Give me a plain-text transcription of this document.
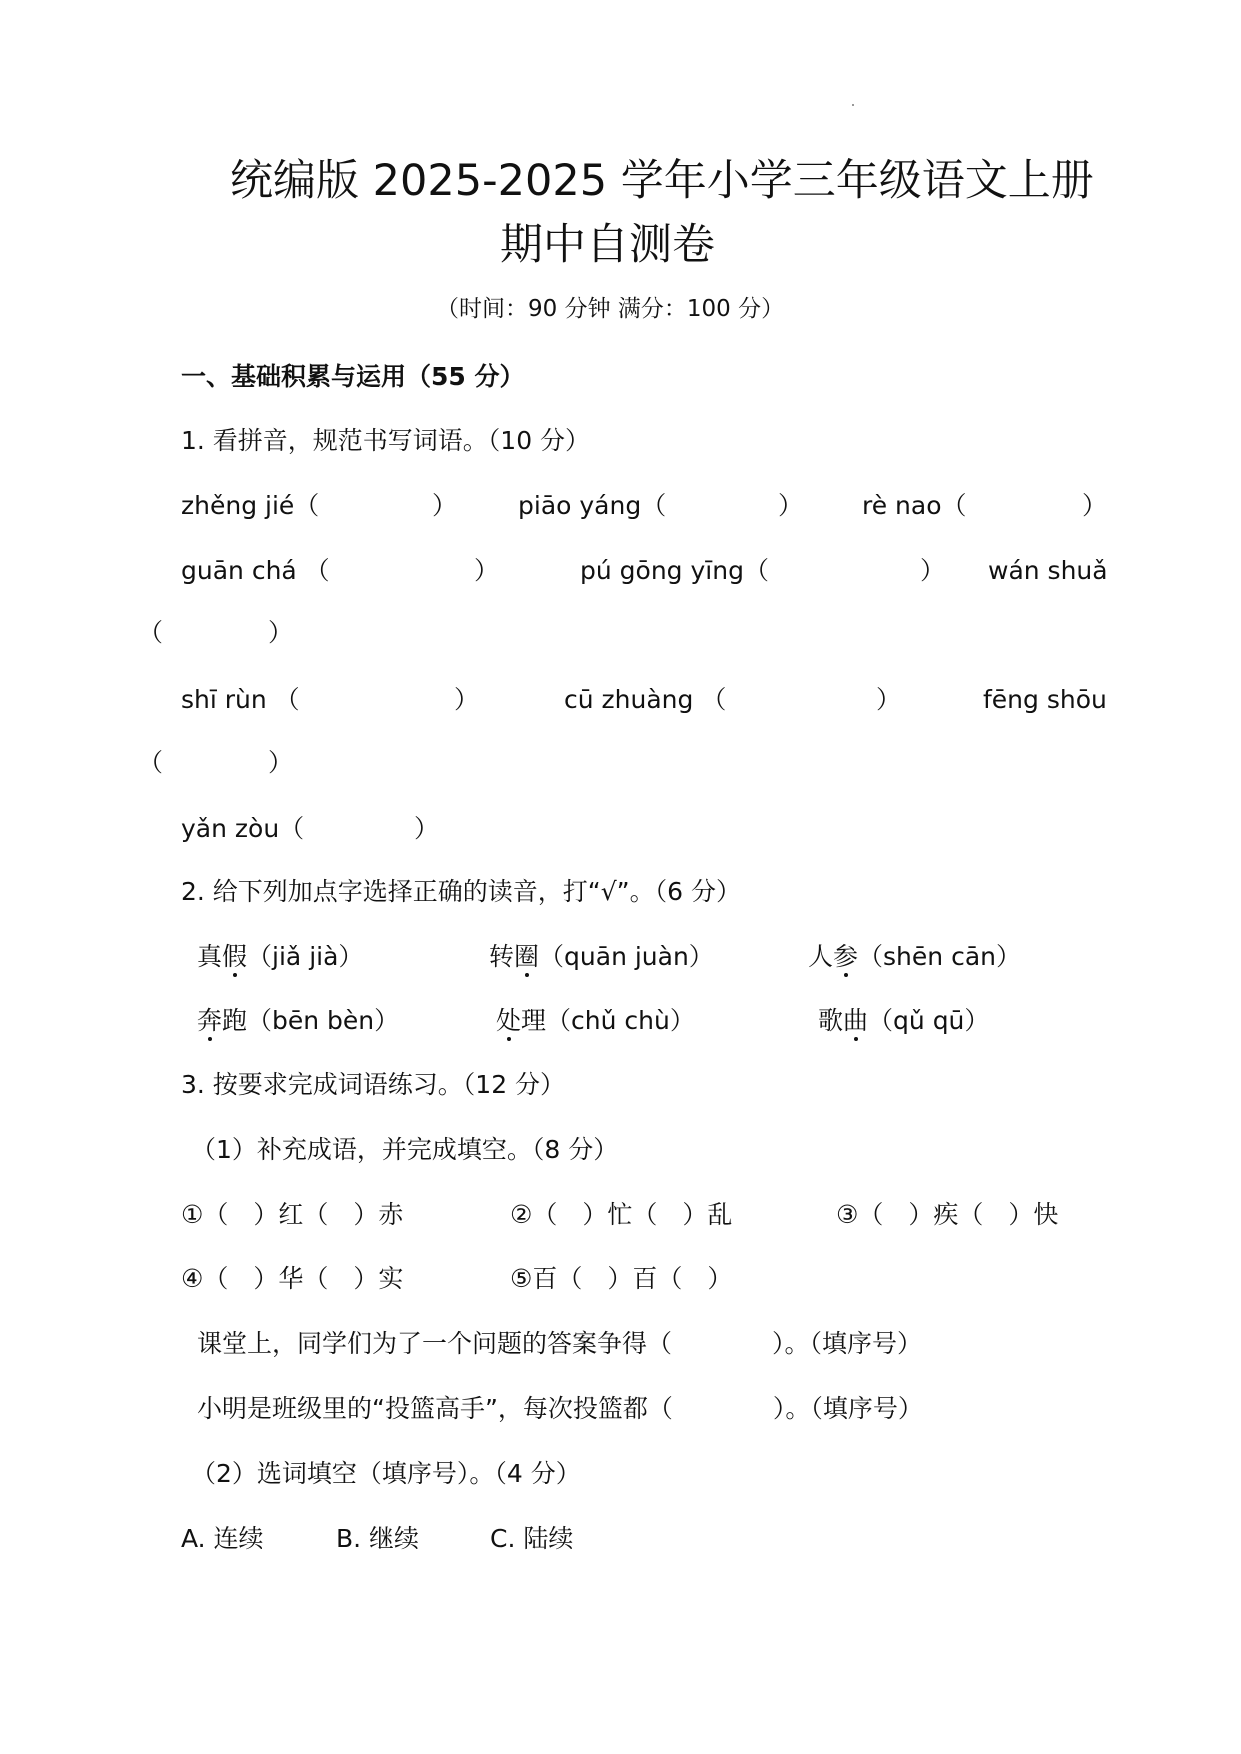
统编版 2025-2025 学年小学三年级语文上册
期中自测卷
（时间：90 分钟 满分：100 分）
一、基础积累与运用（55 分）
1. 看拼音，规范书写词语。（10 分）
zhěng jié（	） piāo yáng（	） rè nao（	）
guān chá （	）	pú gōng yīng（	） wán shuǎ
（	）
shī rùn （	）	cū zhuàng （	）	fēng shōu
（	）
yǎn zòu（	）
2. 给下列加点字选择正确的读音，打“√”。（6 分）
真假（jiǎ jià）	转圈（quān juàn）	人参（shēn cān）
奔跑（bēn bèn）	处理（chǔ chù）	歌曲（qǔ qū）
3. 按要求完成词语练习。（12 分）
（1）补充成语，并完成填空。（8 分）
①（　）红（　）赤	②（　）忙（　）乱	③（　）疾（　）快
④（　）华（　）实	⑤百（　）百（　）
课堂上，同学们为了一个问题的答案争得（　　　　）。（填序号）
小明是班级里的“投篮高手”，每次投篮都（　　　　）。（填序号）
（2）选词填空（填序号）。（4 分）
A. 连续	B. 继续	C. 陆续
